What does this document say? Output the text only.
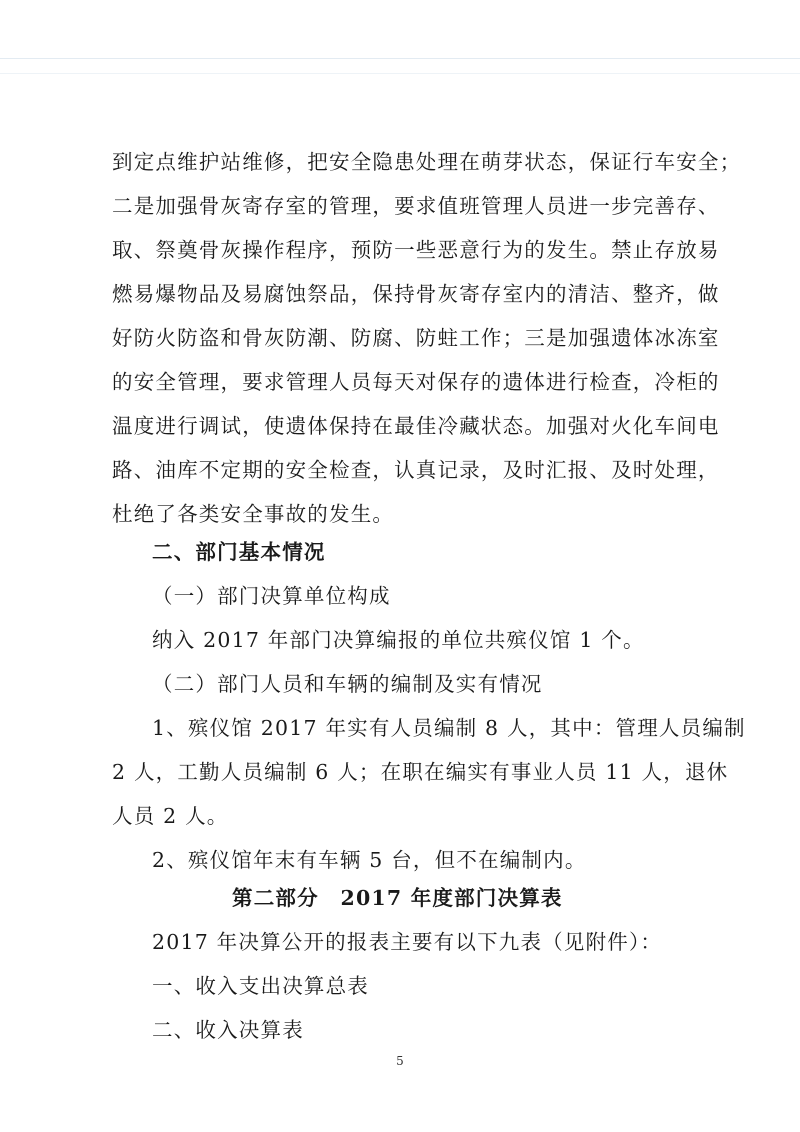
到定点维护站维修，把安全隐患处理在萌芽状态，保证行车安全；
二是加强骨灰寄存室的管理，要求值班管理人员进一步完善存、
取、祭奠骨灰操作程序，预防一些恶意行为的发生。禁止存放易
燃易爆物品及易腐蚀祭品，保持骨灰寄存室内的清洁、整齐，做
好防火防盗和骨灰防潮、防腐、防蛀工作；三是加强遗体冰冻室
的安全管理，要求管理人员每天对保存的遗体进行检查，冷柜的
温度进行调试，使遗体保持在最佳冷藏状态。加强对火化车间电
路、油库不定期的安全检查，认真记录，及时汇报、及时处理，
杜绝了各类安全事故的发生。
二、部门基本情况
（一）部门决算单位构成
纳入 2017 年部门决算编报的单位共殡仪馆 1 个。
（二）部门人员和车辆的编制及实有情况
1、殡仪馆 2017 年实有人员编制 8 人，其中：管理人员编制
2 人，工勤人员编制 6 人；在职在编实有事业人员 11 人，退休
人员 2 人。
2、殡仪馆年末有车辆 5 台，但不在编制内。
第二部分　2017 年度部门决算表
2017 年决算公开的报表主要有以下九表（见附件）：
一、收入支出决算总表
二、收入决算表
5
